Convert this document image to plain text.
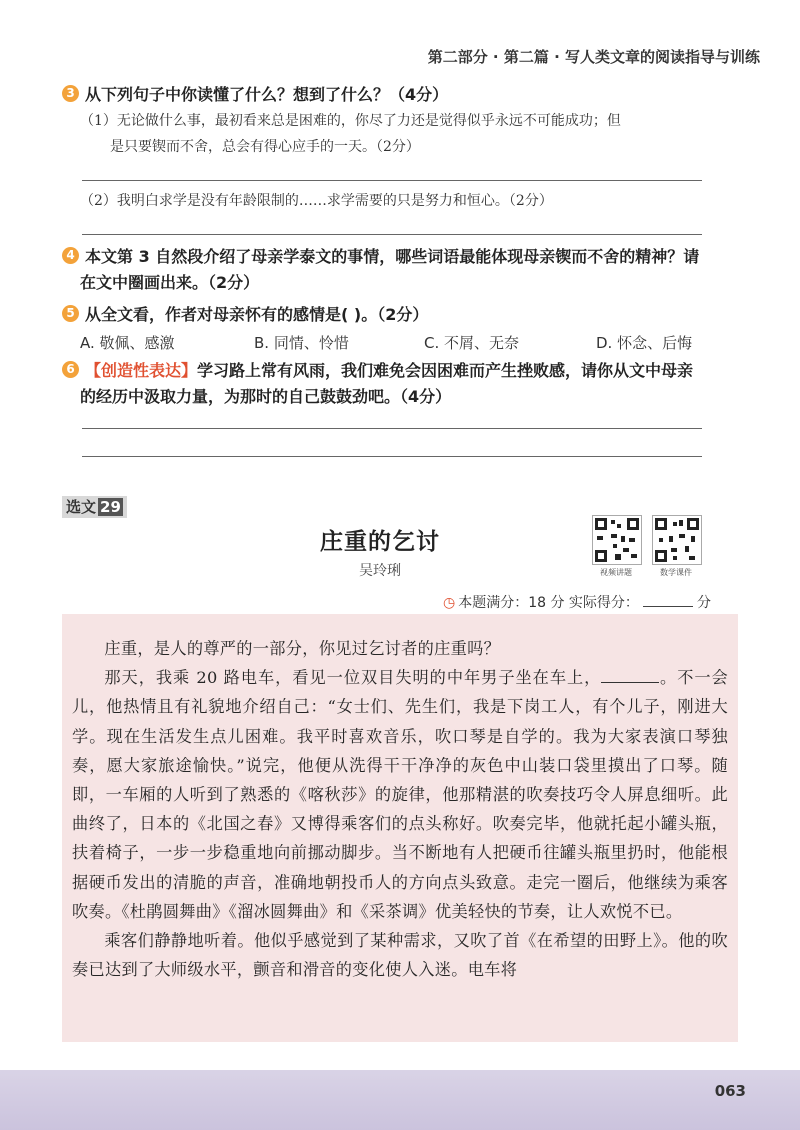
第二部分 · 第二篇 · 写人类文章的阅读指导与训练
3 从下列句子中你读懂了什么？想到了什么？（4分）
（1）无论做什么事，最初看来总是困难的，你尽了力还是觉得似乎永远不可能成功；但
是只要锲而不舍，总会有得心应手的一天。（2分）
（2）我明白求学是没有年龄限制的……求学需要的只是努力和恒心。（2分）
4 本文第 3 自然段介绍了母亲学泰文的事情，哪些词语最能体现母亲锲而不舍的精神？请
在文中圈画出来。（2分）
5 从全文看，作者对母亲怀有的感情是( )。（2分）
A. 敬佩、感激	B. 同情、怜惜	C. 不屑、无奈	D. 怀念、后悔
6 【创造性表达】学习路上常有风雨，我们难免会因困难而产生挫败感，请你从文中母亲
的经历中汲取力量，为那时的自己鼓鼓劲吧。（4分）
选文 29
庄重的乞讨
吴玲琍	视频讲题	数学课件
◷ 本题满分：18 分 实际得分：	分

庄重，是人的尊严的一部分，你见过乞讨者的庄重吗？

那天，我乘 20 路电车，看见一位双目失明的中年男子坐在车上，	。不一会儿，他热情且有礼貌地介绍自己：“女士们、先生们，我是下岗工人，有个儿子，刚进大学。现在生活发生点儿困难。我平时喜欢音乐，吹口琴是自学的。我为大家表演口琴独奏，愿大家旅途愉快。”说完，他便从洗得干干净净的灰色中山装口袋里摸出了口琴。随即，一车厢的人听到了熟悉的《喀秋莎》的旋律，他那精湛的吹奏技巧令人屏息细听。此曲终了，日本的《北国之春》又博得乘客们的点头称好。吹奏完毕，他就托起小罐头瓶，扶着椅子，一步一步稳重地向前挪动脚步。当不断地有人把硬币往罐头瓶里扔时，他能根据硬币发出的清脆的声音，准确地朝投币人的方向点头致意。走完一圈后，他继续为乘客吹奏。《杜鹃圆舞曲》《溜冰圆舞曲》和《采茶调》优美轻快的节奏，让人欢悦不已。

乘客们静静地听着。他似乎感觉到了某种需求，又吹了首《在希望的田野上》。他的吹奏已达到了大师级水平，颤音和滑音的变化使人入迷。电车将

063
